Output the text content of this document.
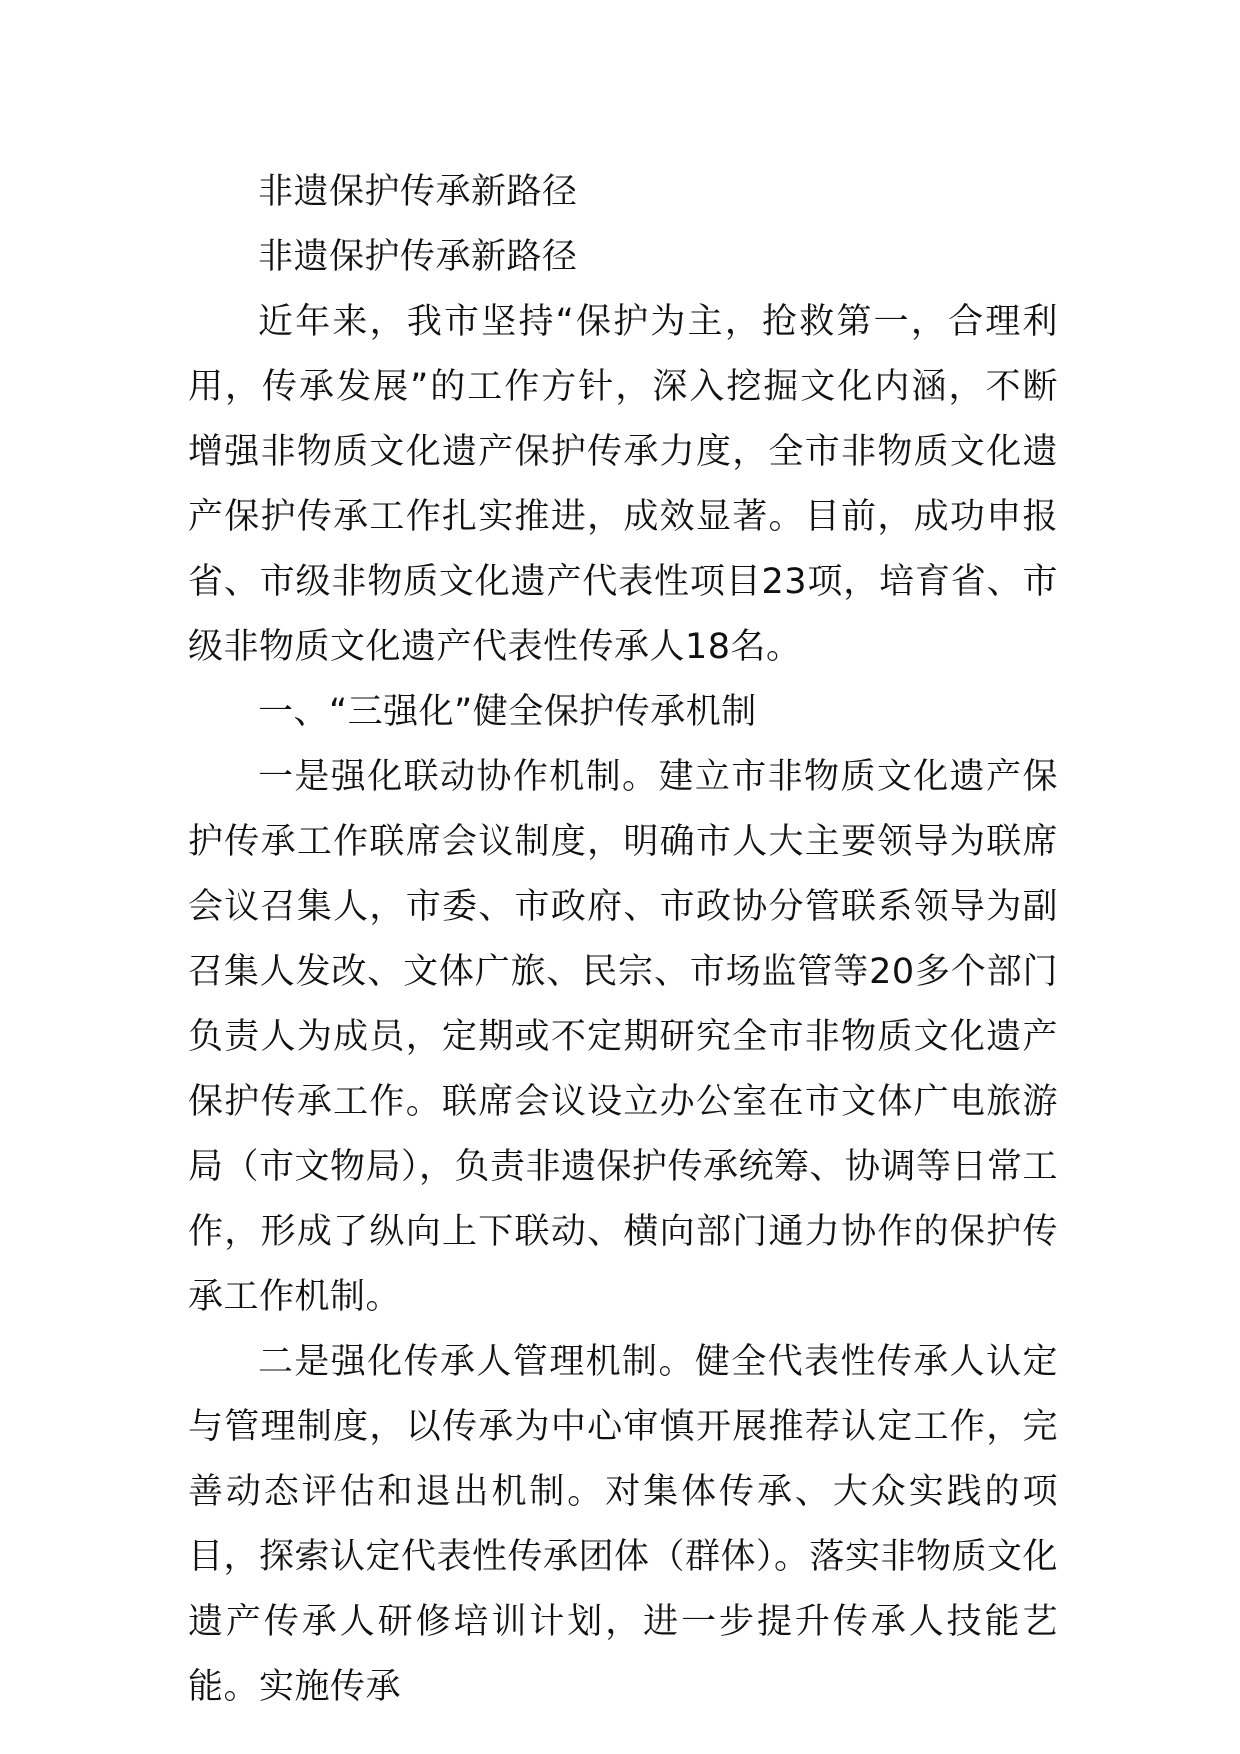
非遗保护传承新路径

非遗保护传承新路径

近年来，我市坚持“保护为主，抢救第一，合理利用，传承发展”的工作方针，深入挖掘文化内涵，不断增强非物质文化遗产保护传承力度，全市非物质文化遗产保护传承工作扎实推进，成效显著。目前，成功申报省、市级非物质文化遗产代表性项目23项，培育省、市级非物质文化遗产代表性传承人18名。

一、“三强化”健全保护传承机制

一是强化联动协作机制。建立市非物质文化遗产保护传承工作联席会议制度，明确市人大主要领导为联席会议召集人，市委、市政府、市政协分管联系领导为副召集人发改、文体广旅、民宗、市场监管等20多个部门负责人为成员，定期或不定期研究全市非物质文化遗产保护传承工作。联席会议设立办公室在市文体广电旅游局（市文物局），负责非遗保护传承统筹、协调等日常工作，形成了纵向上下联动、横向部门通力协作的保护传承工作机制。

二是强化传承人管理机制。健全代表性传承人认定与管理制度，以传承为中心审慎开展推荐认定工作，完善动态评估和退出机制。对集体传承、大众实践的项目，探索认定代表性传承团体（群体）。落实非物质文化遗产传承人研修培训计划，进一步提升传承人技能艺能。实施传承
